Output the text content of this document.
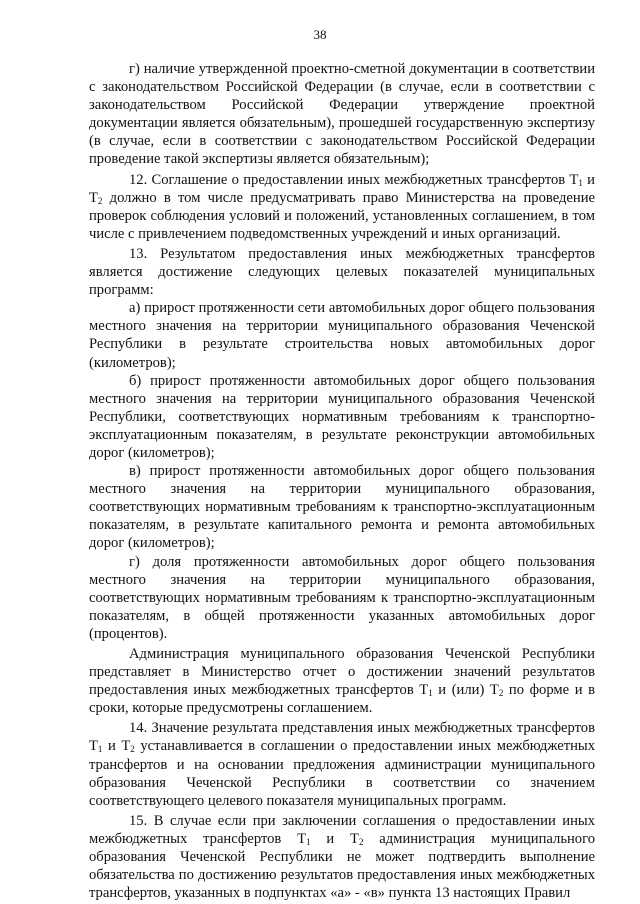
38

г) наличие утвержденной проектно-сметной документации в соответствии с законодательством Российской Федерации (в случае, если в соответствии с законодательством Российской Федерации утверждение проектной документации является обязательным), прошедшей государственную экспертизу (в случае, если в соответствии с законодательством Российской Федерации проведение такой экспертизы является обязательным);

12. Соглашение о предоставлении иных межбюджетных трансфертов $Т_1$ и $Т_2$ должно в том числе предусматривать право Министерства на проведение проверок соблюдения условий и положений, установленных соглашением, в том числе с привлечением подведомственных учреждений и иных организаций.

13. Результатом предоставления иных межбюджетных трансфертов является достижение следующих целевых показателей муниципальных программ:

а) прирост протяженности сети автомобильных дорог общего пользования местного значения на территории муниципального образования Чеченской Республики в результате строительства новых автомобильных дорог (километров);

б) прирост протяженности автомобильных дорог общего пользования местного значения на территории муниципального образования Чеченской Республики, соответствующих нормативным требованиям к транспортно-эксплуатационным показателям, в результате реконструкции автомобильных дорог (километров);

в) прирост протяженности автомобильных дорог общего пользования местного значения на территории муниципального образования, соответствующих нормативным требованиям к транспортно-эксплуатационным показателям, в результате капитального ремонта и ремонта автомобильных дорог (километров);

г) доля протяженности автомобильных дорог общего пользования местного значения на территории муниципального образования, соответствующих нормативным требованиям к транспортно-эксплуатационным показателям, в общей протяженности указанных автомобильных дорог (процентов).

Администрация муниципального образования Чеченской Республики представляет в Министерство отчет о достижении значений результатов предоставления иных межбюджетных трансфертов $Т_1$ и (или) $Т_2$ по форме и в сроки, которые предусмотрены соглашением.

14. Значение результата представления иных межбюджетных трансфертов $Т_1$ и $Т_2$ устанавливается в соглашении о предоставлении иных межбюджетных трансфертов и на основании предложения администрации муниципального образования Чеченской Республики в соответствии со значением соответствующего целевого показателя муниципальных программ.

15. В случае если при заключении соглашения о предоставлении иных межбюджетных трансфертов $Т_1$ и $Т_2$ администрация муниципального образования Чеченской Республики не может подтвердить выполнение обязательства по достижению результатов предоставления иных межбюджетных трансфертов, указанных в подпунктах «а» - «в» пункта 13 настоящих Правил
